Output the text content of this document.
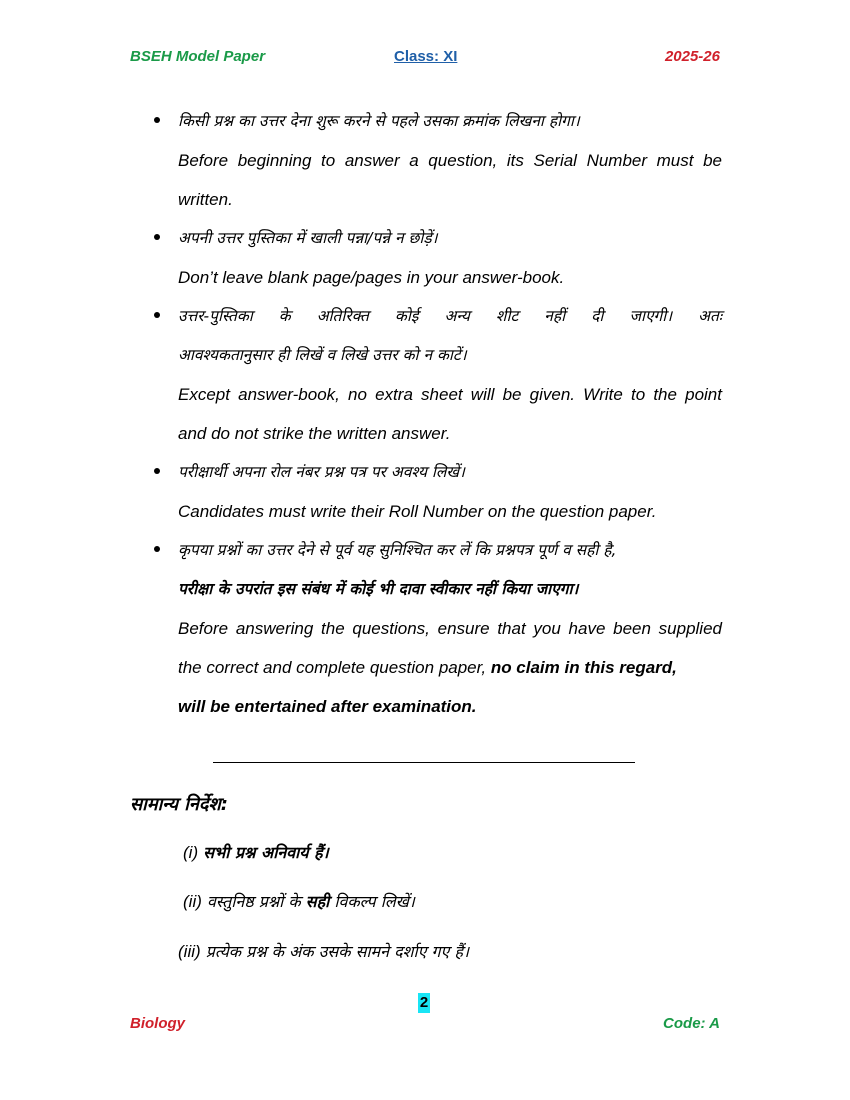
BSEH Model Paper	Class: XI	2025-26
किसी प्रश्न का उत्तर देना शुरू करने से पहले उसका क्रमांक लिखना होगा।
Before beginning to answer a question, its Serial Number must be
written.
अपनी उत्तर पुस्तिका में खाली पन्ना/पन्ने न छोड़ें।
Don’t leave blank page/pages in your answer-book.
उत्तर-पुस्तिका के अतिरिक्त कोई अन्य शीट नहीं दी जाएगी। अतः
आवश्यकतानुसार ही लिखें व लिखे उत्तर को न काटें।
Except answer-book, no extra sheet will be given. Write to the point
and do not strike the written answer.
परीक्षार्थी अपना रोल नंबर प्रश्न पत्र पर अवश्य लिखें।
Candidates must write their Roll Number on the question paper.
कृपया प्रश्नों का उत्तर देने से पूर्व यह सुनिश्चित कर लें कि प्रश्नपत्र पूर्ण व सही है,
परीक्षा के उपरांत इस संबंध में कोई भी दावा स्वीकार नहीं किया जाएगा।
Before answering the questions, ensure that you have been supplied
the correct and complete question paper, no claim in this regard,
will be entertained after examination.
सामान्य निर्देश:
(i) सभी प्रश्न अनिवार्य हैं।
(ii) वस्तुनिष्ठ प्रश्नों के सही विकल्प लिखें।
(iii) प्रत्येक प्रश्न के अंक उसके सामने दर्शाए गए हैं।
2
Biology	Code: A
